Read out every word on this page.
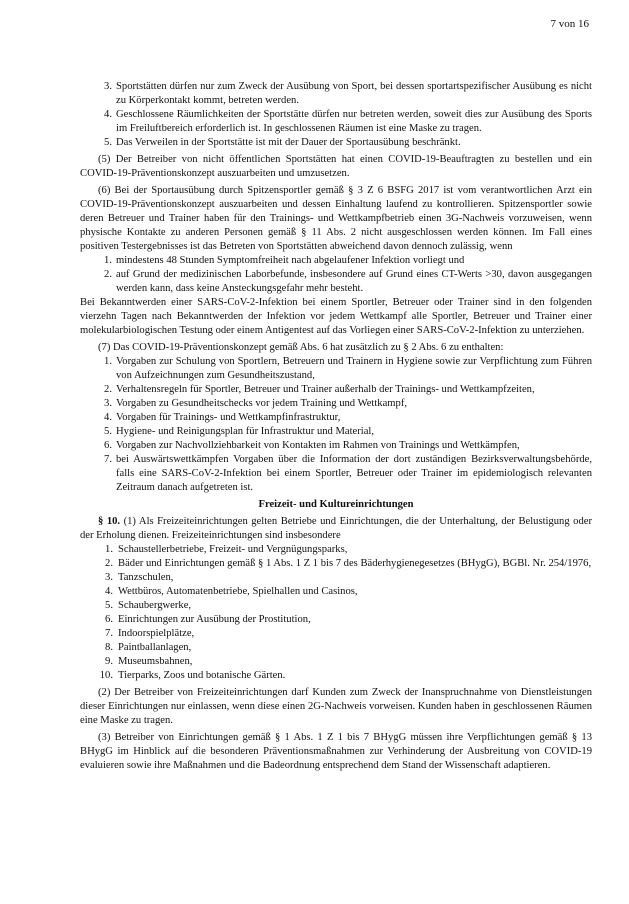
7 von 16
3. Sportstätten dürfen nur zum Zweck der Ausübung von Sport, bei dessen sportartspezifischer Ausübung es nicht zu Körperkontakt kommt, betreten werden.
4. Geschlossene Räumlichkeiten der Sportstätte dürfen nur betreten werden, soweit dies zur Ausübung des Sports im Freiluftbereich erforderlich ist. In geschlossenen Räumen ist eine Maske zu tragen.
5. Das Verweilen in der Sportstätte ist mit der Dauer der Sportausübung beschränkt.

(5) Der Betreiber von nicht öffentlichen Sportstätten hat einen COVID-19-Beauftragten zu bestellen und ein COVID-19-Präventionskonzept auszuarbeiten und umzusetzen.

(6) Bei der Sportausübung durch Spitzensportler gemäß § 3 Z 6 BSFG 2017 ist vom verantwortlichen Arzt ein COVID-19-Präventionskonzept auszuarbeiten und dessen Einhaltung laufend zu kontrollieren. Spitzensportler sowie deren Betreuer und Trainer haben für den Trainings- und Wettkampfbetrieb einen 3G-Nachweis vorzuweisen, wenn physische Kontakte zu anderen Personen gemäß § 11 Abs. 2 nicht ausgeschlossen werden können. Im Fall eines positiven Testergebnisses ist das Betreten von Sportstätten abweichend davon dennoch zulässig, wenn

1. mindestens 48 Stunden Symptomfreiheit nach abgelaufener Infektion vorliegt und
2. auf Grund der medizinischen Laborbefunde, insbesondere auf Grund eines CT-Werts >30, davon ausgegangen werden kann, dass keine Ansteckungsgefahr mehr besteht.

Bei Bekanntwerden einer SARS-CoV-2-Infektion bei einem Sportler, Betreuer oder Trainer sind in den folgenden vierzehn Tagen nach Bekanntwerden der Infektion vor jedem Wettkampf alle Sportler, Betreuer und Trainer einer molekularbiologischen Testung oder einem Antigentest auf das Vorliegen einer SARS-CoV-2-Infektion zu unterziehen.

(7) Das COVID-19-Präventionskonzept gemäß Abs. 6 hat zusätzlich zu § 2 Abs. 6 zu enthalten:

1. Vorgaben zur Schulung von Sportlern, Betreuern und Trainern in Hygiene sowie zur Verpflichtung zum Führen von Aufzeichnungen zum Gesundheitszustand,
2. Verhaltensregeln für Sportler, Betreuer und Trainer außerhalb der Trainings- und Wettkampfzeiten,
3. Vorgaben zu Gesundheitschecks vor jedem Training und Wettkampf,
4. Vorgaben für Trainings- und Wettkampfinfrastruktur,
5. Hygiene- und Reinigungsplan für Infrastruktur und Material,
6. Vorgaben zur Nachvollziehbarkeit von Kontakten im Rahmen von Trainings und Wettkämpfen,
7. bei Auswärtswettkämpfen Vorgaben über die Information der dort zuständigen Bezirksverwaltungsbehörde, falls eine SARS-CoV-2-Infektion bei einem Sportler, Betreuer oder Trainer im epidemiologisch relevanten Zeitraum danach aufgetreten ist.
Freizeit- und Kultureinrichtungen

§ 10. (1) Als Freizeiteinrichtungen gelten Betriebe und Einrichtungen, die der Unterhaltung, der Belustigung oder der Erholung dienen. Freizeiteinrichtungen sind insbesondere

1. Schaustellerbetriebe, Freizeit- und Vergnügungsparks,
2. Bäder und Einrichtungen gemäß § 1 Abs. 1 Z 1 bis 7 des Bäderhygienegesetzes (BHygG), BGBl. Nr. 254/1976,
3. Tanzschulen,
4. Wettbüros, Automatenbetriebe, Spielhallen und Casinos,
5. Schaubergwerke,
6. Einrichtungen zur Ausübung der Prostitution,
7. Indoorspielplätze,
8. Paintballanlagen,
9. Museumsbahnen,
10. Tierparks, Zoos und botanische Gärten.

(2) Der Betreiber von Freizeiteinrichtungen darf Kunden zum Zweck der Inanspruchnahme von Dienstleistungen dieser Einrichtungen nur einlassen, wenn diese einen 2G-Nachweis vorweisen. Kunden haben in geschlossenen Räumen eine Maske zu tragen.

(3) Betreiber von Einrichtungen gemäß § 1 Abs. 1 Z 1 bis 7 BHygG müssen ihre Verpflichtungen gemäß § 13 BHygG im Hinblick auf die besonderen Präventionsmaßnahmen zur Verhinderung der Ausbreitung von COVID-19 evaluieren sowie ihre Maßnahmen und die Badeordnung entsprechend dem Stand der Wissenschaft adaptieren.
